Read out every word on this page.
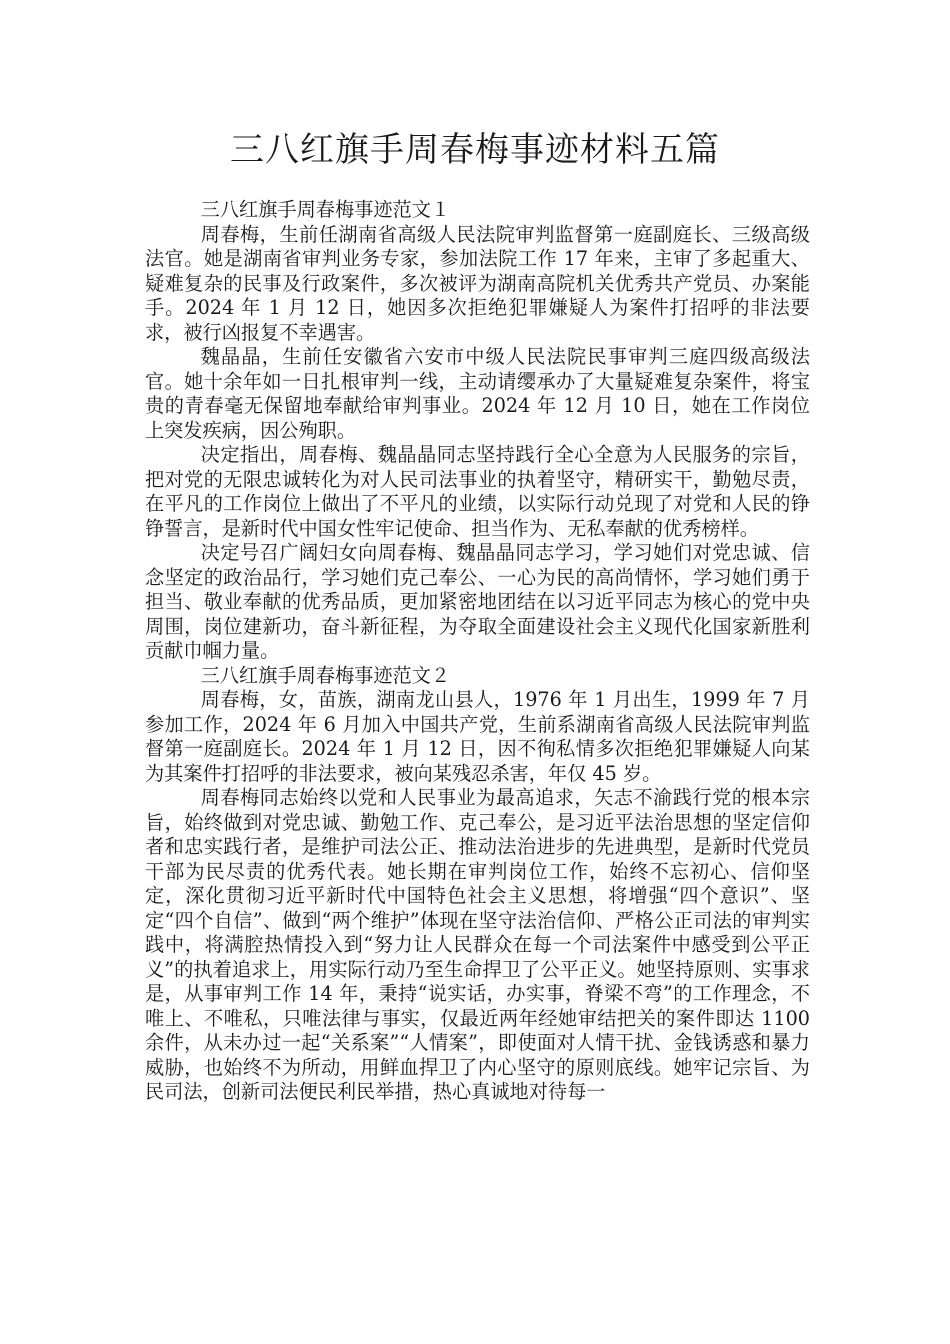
三八红旗手周春梅事迹材料五篇

三八红旗手周春梅事迹范文１

周春梅，生前任湖南省高级人民法院审判监督第一庭副庭长、三级高级法官。她是湖南省审判业务专家，参加法院工作 17 年来，主审了多起重大、疑难复杂的民事及行政案件，多次被评为湖南高院机关优秀共产党员、办案能手。2024 年 1 月 12 日，她因多次拒绝犯罪嫌疑人为案件打招呼的非法要求，被行凶报复不幸遇害。

魏晶晶，生前任安徽省六安市中级人民法院民事审判三庭四级高级法官。她十余年如一日扎根审判一线，主动请缨承办了大量疑难复杂案件，将宝贵的青春毫无保留地奉献给审判事业。2024 年 12 月 10 日，她在工作岗位上突发疾病，因公殉职。

决定指出，周春梅、魏晶晶同志坚持践行全心全意为人民服务的宗旨，把对党的无限忠诚转化为对人民司法事业的执着坚守，精研实干，勤勉尽责，在平凡的工作岗位上做出了不平凡的业绩，以实际行动兑现了对党和人民的铮铮誓言，是新时代中国女性牢记使命、担当作为、无私奉献的优秀榜样。

决定号召广阔妇女向周春梅、魏晶晶同志学习，学习她们对党忠诚、信念坚定的政治品行，学习她们克己奉公、一心为民的高尚情怀，学习她们勇于担当、敬业奉献的优秀品质，更加紧密地团结在以习近平同志为核心的党中央周围，岗位建新功，奋斗新征程，为夺取全面建设社会主义现代化国家新胜利贡献巾帼力量。

三八红旗手周春梅事迹范文２

周春梅，女，苗族，湖南龙山县人，1976 年 1 月出生，1999 年 7 月参加工作，2024 年 6 月加入中国共产党，生前系湖南省高级人民法院审判监督第一庭副庭长。2024 年 1 月 12 日，因不徇私情多次拒绝犯罪嫌疑人向某为其案件打招呼的非法要求，被向某残忍杀害，年仅 45 岁。

周春梅同志始终以党和人民事业为最高追求，矢志不渝践行党的根本宗旨，始终做到对党忠诚、勤勉工作、克己奉公，是习近平法治思想的坚定信仰者和忠实践行者，是维护司法公正、推动法治进步的先进典型，是新时代党员干部为民尽责的优秀代表。她长期在审判岗位工作，始终不忘初心、信仰坚定，深化贯彻习近平新时代中国特色社会主义思想，将增强“四个意识”、坚定“四个自信”、做到“两个维护”体现在坚守法治信仰、严格公正司法的审判实践中，将满腔热情投入到“努力让人民群众在每一个司法案件中感受到公平正义”的执着追求上，用实际行动乃至生命捍卫了公平正义。她坚持原则、实事求是，从事审判工作 14 年，秉持“说实话，办实事，脊梁不弯”的工作理念，不唯上、不唯私，只唯法律与事实，仅最近两年经她审结把关的案件即达 1100 余件，从未办过一起“关系案”“人情案”，即使面对人情干扰、金钱诱惑和暴力威胁，也始终不为所动，用鲜血捍卫了内心坚守的原则底线。她牢记宗旨、为民司法，创新司法便民利民举措，热心真诚地对待每一
